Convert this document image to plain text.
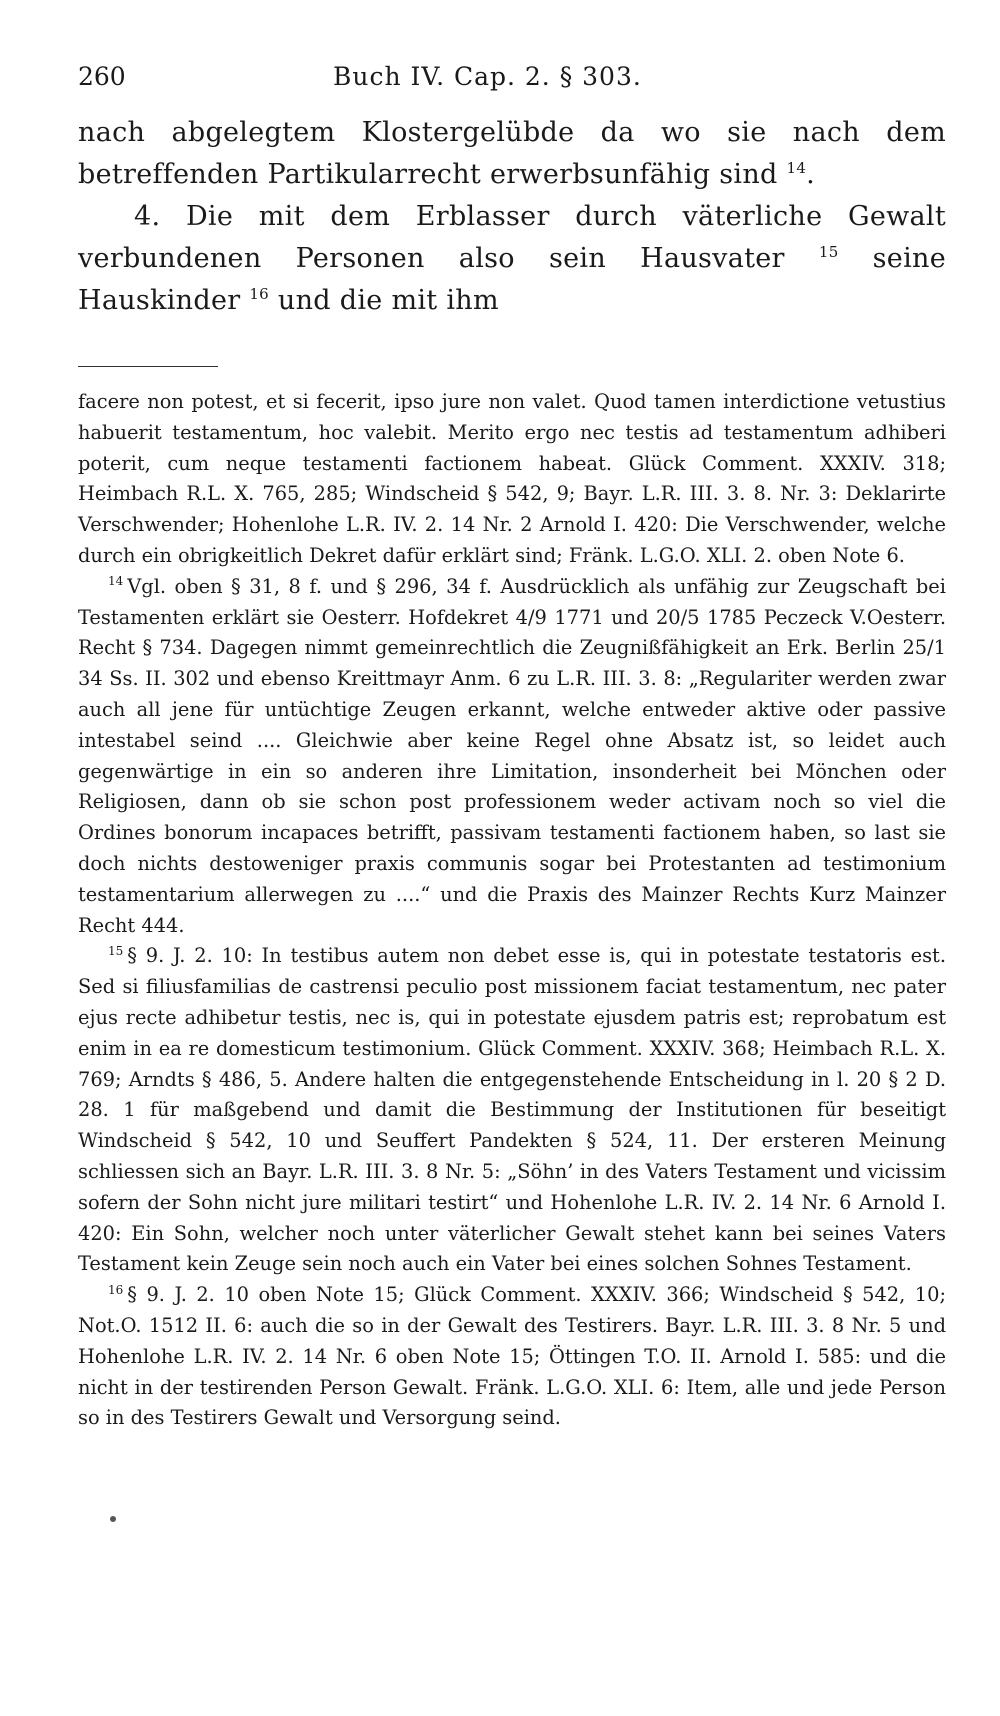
260	Buch IV. Cap. 2. § 303.

nach abgelegtem Klostergelübde da wo sie nach dem betreffenden Partikularrecht erwerbsunfähig sind $^{14}$.

4. Die mit dem Erblasser durch väterliche Gewalt verbundenen Personen also sein Hausvater $^{15}$ seine Hauskinder $^{16}$ und die mit ihm

facere non potest, et si fecerit, ipso jure non valet. Quod tamen interdictione vetustius habuerit testamentum, hoc valebit. Merito ergo nec testis ad testamentum adhiberi poterit, cum neque testamenti factionem habeat. Glück Comment. XXXIV. 318; Heimbach R.L. X. 765, 285; Windscheid § 542, 9; Bayr. L.R. III. 3. 8. Nr. 3: Deklarirte Verschwender; Hohenlohe L.R. IV. 2. 14 Nr. 2 Arnold I. 420: Die Verschwender, welche durch ein obrigkeitlich Dekret dafür erklärt sind; Fränk. L.G.O. XLI. 2. oben Note 6.

$^{14}$ Vgl. oben § 31, 8 f. und § 296, 34 f. Ausdrücklich als unfähig zur Zeugschaft bei Testamenten erklärt sie Oesterr. Hofdekret 4/9 1771 und 20/5 1785 Peczeck V.Oesterr. Recht § 734. Dagegen nimmt gemeinrechtlich die Zeugnißfähigkeit an Erk. Berlin 25/1 34 Ss. II. 302 und ebenso Kreittmayr Anm. 6 zu L.R. III. 3. 8: „Regulariter werden zwar auch all jene für untüchtige Zeugen erkannt, welche entweder aktive oder passive intestabel seind .... Gleichwie aber keine Regel ohne Absatz ist, so leidet auch gegenwärtige in ein so anderen ihre Limitation, insonderheit bei Mönchen oder Religiosen, dann ob sie schon post professionem weder activam noch so viel die Ordines bonorum incapaces betrifft, passivam testamenti factionem haben, so last sie doch nichts destoweniger praxis communis sogar bei Protestanten ad testimonium testamentarium allerwegen zu ....“ und die Praxis des Mainzer Rechts Kurz Mainzer Recht 444.

$^{15}$ § 9. J. 2. 10: In testibus autem non debet esse is, qui in potestate testatoris est. Sed si filiusfamilias de castrensi peculio post missionem faciat testamentum, nec pater ejus recte adhibetur testis, nec is, qui in potestate ejusdem patris est; reprobatum est enim in ea re domesticum testimonium. Glück Comment. XXXIV. 368; Heimbach R.L. X. 769; Arndts § 486, 5. Andere halten die entgegenstehende Entscheidung in l. 20 § 2 D. 28. 1 für maßgebend und damit die Bestimmung der Institutionen für beseitigt Windscheid § 542, 10 und Seuffert Pandekten § 524, 11. Der ersteren Meinung schliessen sich an Bayr. L.R. III. 3. 8 Nr. 5: „Söhn’ in des Vaters Testament und vicissim sofern der Sohn nicht jure militari testirt“ und Hohenlohe L.R. IV. 2. 14 Nr. 6 Arnold I. 420: Ein Sohn, welcher noch unter väterlicher Gewalt stehet kann bei seines Vaters Testament kein Zeuge sein noch auch ein Vater bei eines solchen Sohnes Testament.

$^{16}$ § 9. J. 2. 10 oben Note 15; Glück Comment. XXXIV. 366; Windscheid § 542, 10; Not.O. 1512 II. 6: auch die so in der Gewalt des Testirers. Bayr. L.R. III. 3. 8 Nr. 5 und Hohenlohe L.R. IV. 2. 14 Nr. 6 oben Note 15; Öttingen T.O. II. Arnold I. 585: und die nicht in der testirenden Person Gewalt. Fränk. L.G.O. XLI. 6: Item, alle und jede Person so in des Testirers Gewalt und Versorgung seind.
